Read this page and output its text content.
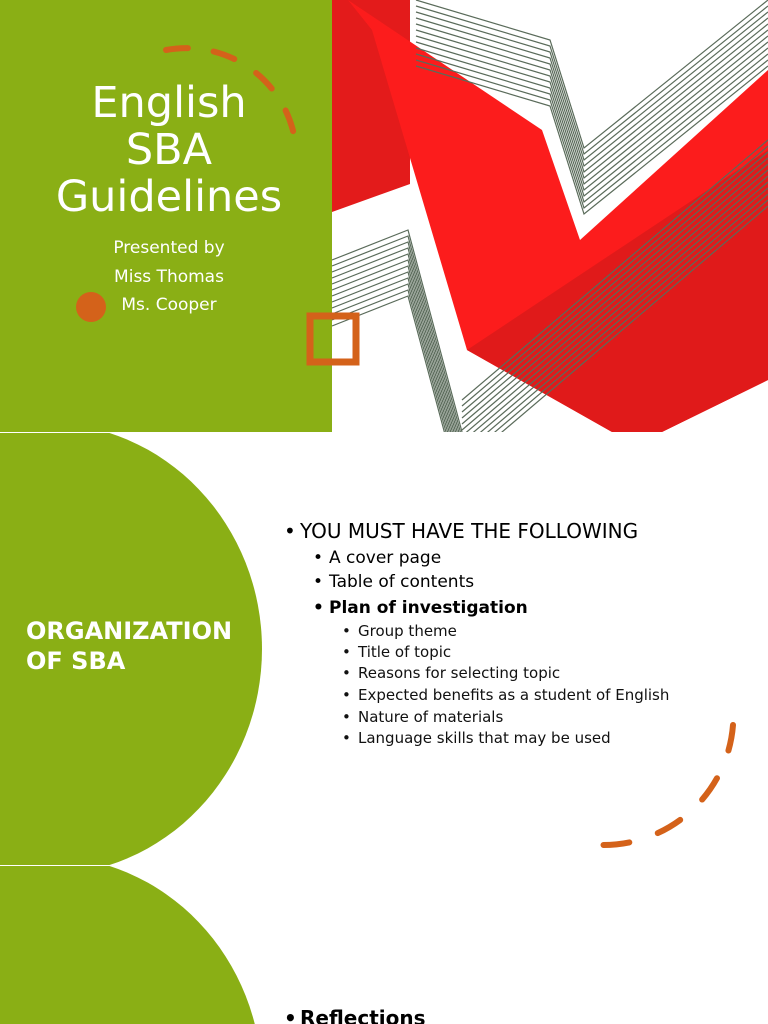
English
SBA
Guidelines
Presented by
Miss Thomas
Ms. Cooper
ORGANIZATION OF SBA
• YOU MUST HAVE THE FOLLOWING
• A cover page
• Table of contents
• Plan of investigation
• Group theme
• Title of topic
• Reasons for selecting topic
• Expected benefits as a student of English
• Nature of materials
• Language skills that may be used
• Reflections
